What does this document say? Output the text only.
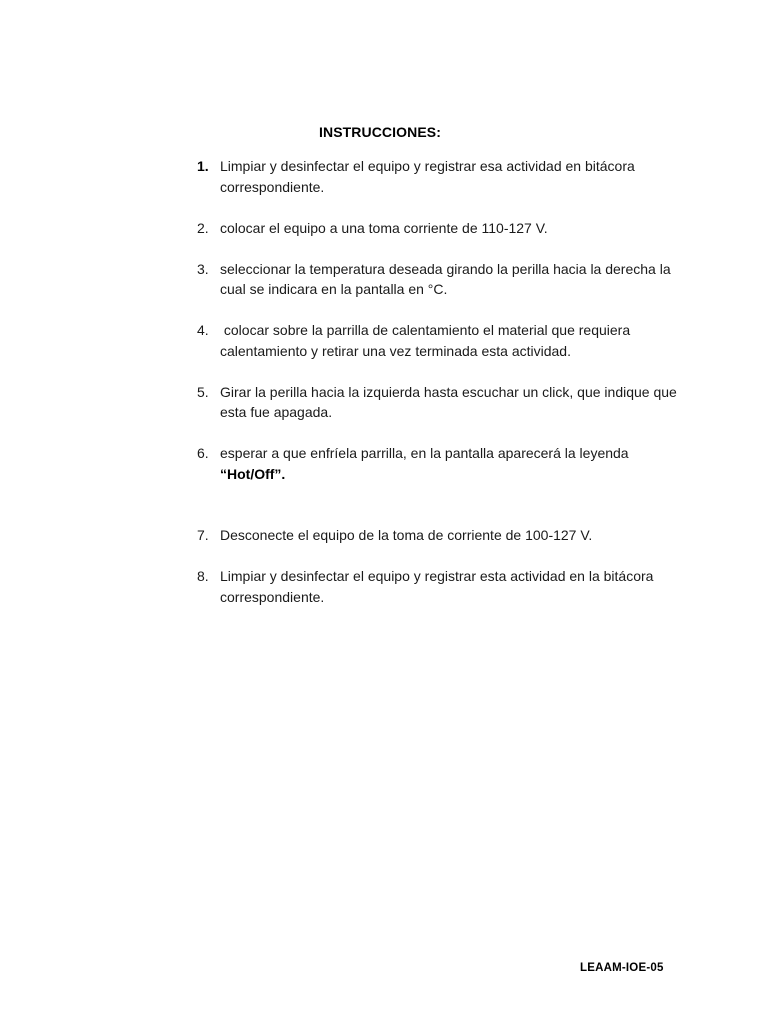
INSTRUCCIONES:
1. Limpiar y desinfectar el equipo y registrar esa actividad en bitácora correspondiente.
2. colocar el equipo a una toma corriente de 110-127 V.
3. seleccionar la temperatura deseada girando la perilla hacia la derecha la cual se indicara en la pantalla en °C.
4. colocar sobre la parrilla de calentamiento el material que requiera calentamiento y retirar una vez terminada esta actividad.
5. Girar la perilla hacia la izquierda hasta escuchar un click, que indique que esta fue apagada.
6. esperar a que enfríela parrilla, en la pantalla aparecerá la leyenda
“Hot/Off”.
7. Desconecte el equipo de la toma de corriente de 100-127 V.
8. Limpiar y desinfectar el equipo y registrar esta actividad en la bitácora correspondiente.
LEAAM-IOE-05
